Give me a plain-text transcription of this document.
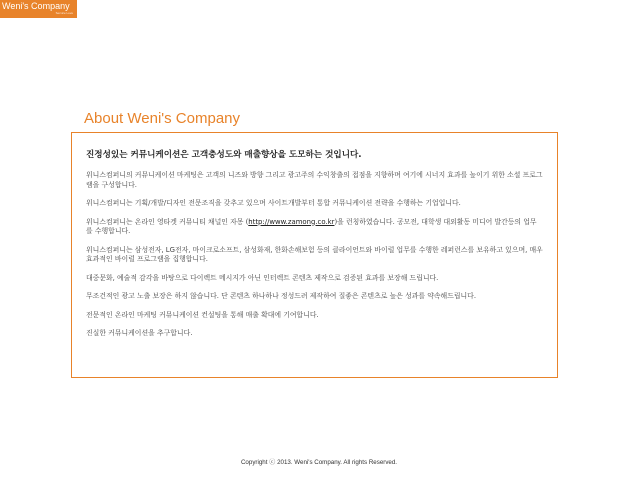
Weni's Company
Service Love
About Weni's Company

진정성있는 커뮤니케이션은 고객충성도와 매출향상을 도모하는 것입니다.

위니스컴퍼니의 커뮤니케이션 마케팅은 고객의 니즈와 방향 그리고 광고주의 수익창출의 접점을 지향하며 여기에 시너지 효과를 높이기 위한 소셜 프로그램을 구성합니다.

위니스컴퍼니는 기획/개발/디자인 전문조직을 갖추고 있으며 사이트개발부터 통합 커뮤니케이션 전략을 수행하는 기업입니다.

위니스컴퍼니는 온라인 영타겟 커뮤니티 채널인 자몽 (http://www.zamong.co.kr)을 런칭하였습니다. 공모전, 대학생 대외활동 미디어 발간등의 업무를 수행합니다.

위니스컴퍼니는 삼성전자, LG전자, 마이크로소프트, 삼성화재, 한화손해보험 등의 클라이언트와 바이럴 업무를 수행한 레퍼런스를 보유하고 있으며, 매우 효과적인 바이럴 프로그램을 집행합니다.

대중문화, 예술적 감각을 바탕으로 다이렉트 메시지가 아닌 인터렉트 콘텐츠 제작으로 검증된 효과를 보장해 드립니다.

무조건적인 광고 노출 보장은 하지 않습니다. 단 콘텐츠 하나하나 정성드려 제작하여 질좋은 콘텐츠로 높은 성과를 약속해드립니다.

전문적인 온라인 마케팅 커뮤니케이션 컨설팅을 통해 매출 확대에 기여합니다.

진실한 커뮤니케이션을 추구합니다.

Copyright ⓒ 2013. Weni's Company. All rights Reserved.
